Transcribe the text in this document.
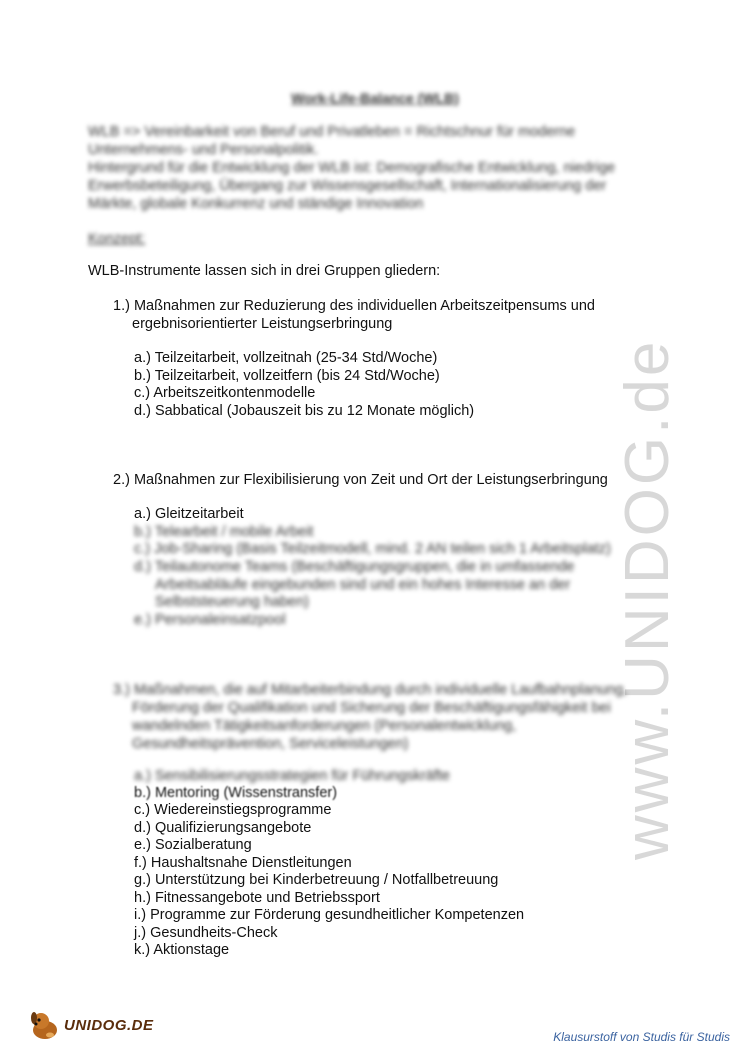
www.UNIDOG.de
Work-Life-Balance (WLB)
WLB => Vereinbarkeit von Beruf und Privatleben = Richtschnur für moderne
Unternehmens- und Personalpolitik.
Hintergrund für die Entwicklung der WLB ist: Demografische Entwicklung, niedrige
Erwerbsbeteiligung, Übergang zur Wissensgesellschaft, Internationalisierung der
Märkte, globale Konkurrenz und ständige Innovation
Konzept:
WLB-Instrumente lassen sich in drei Gruppen gliedern:
1.) Maßnahmen zur Reduzierung des individuellen Arbeitszeitpensums und
ergebnisorientierter Leistungserbringung
a.) Teilzeitarbeit, vollzeitnah (25-34 Std/Woche)
b.) Teilzeitarbeit, vollzeitfern (bis 24 Std/Woche)
c.) Arbeitszeitkontenmodelle
d.) Sabbatical (Jobauszeit bis zu 12 Monate möglich)
2.) Maßnahmen zur Flexibilisierung von Zeit und Ort der Leistungserbringung
a.) Gleitzeitarbeit
b.) Telearbeit / mobile Arbeit
c.) Job-Sharing (Basis Teilzeitmodell, mind. 2 AN teilen sich 1 Arbeitsplatz)
d.) Teilautonome Teams (Beschäftigungsgruppen, die in umfassende
Arbeitsabläufe eingebunden sind und ein hohes Interesse an der
Selbststeuerung haben)
e.) Personaleinsatzpool
3.) Maßnahmen, die auf Mitarbeiterbindung durch individuelle Laufbahnplanung,
Förderung der Qualifikation und Sicherung der Beschäftigungsfähigkeit bei
wandelnden Tätigkeitsanforderungen (Personalentwicklung,
Gesundheitsprävention, Serviceleistungen)
a.) Sensibilisierungsstrategien für Führungskräfte
b.) Mentoring (Wissenstransfer)
c.) Wiedereinstiegsprogramme
d.) Qualifizierungsangebote
e.) Sozialberatung
f.) Haushaltsnahe Dienstleitungen
g.) Unterstützung bei Kinderbetreuung / Notfallbetreuung
h.) Fitnessangebote und Betriebssport
i.) Programme zur Förderung gesundheitlicher Kompetenzen
j.) Gesundheits-Check
k.) Aktionstage
UNIDOG.DE
Klausurstoff von Studis für Studis
